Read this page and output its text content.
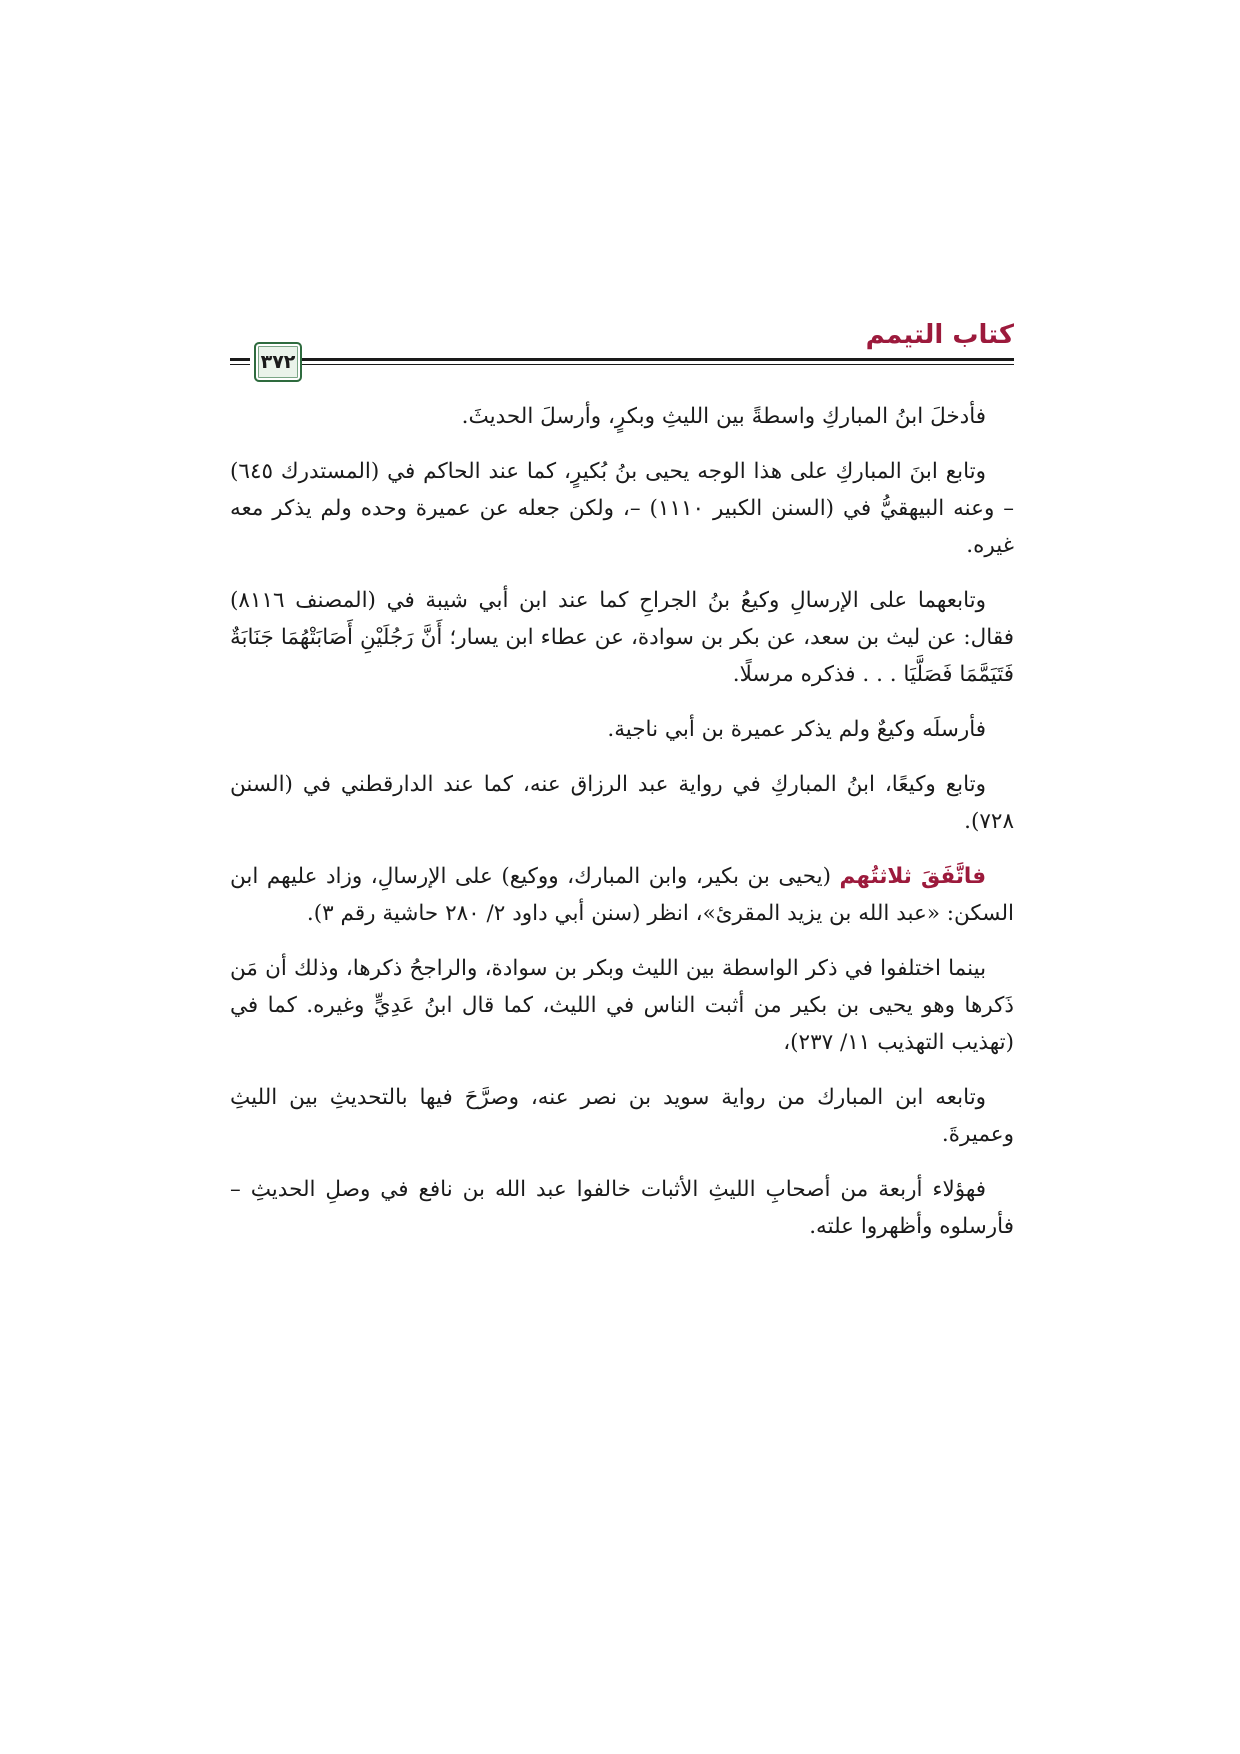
كتاب التيمم
٣٧٢

فأدخلَ ابنُ المباركِ واسطةً بين الليثِ وبكرٍ، وأرسلَ الحديثَ.

وتابع ابنَ المباركِ على هذا الوجه يحيى بنُ بُكيرٍ، كما عند الحاكم في (المستدرك ٦٤٥) – وعنه البيهقيُّ في (السنن الكبير ١١١٠) –، ولكن جعله عن عميرة وحده ولم يذكر معه غيره.

وتابعهما على الإرسالِ وكيعُ بنُ الجراحِ كما عند ابن أبي شيبة في (المصنف ٨١١٦) فقال: عن ليث بن سعد، عن بكر بن سوادة، عن عطاء ابن يسار؛ أَنَّ رَجُلَيْنِ أَصَابَتْهُمَا جَنَابَةٌ فَتَيَمَّمَا فَصَلَّيَا . . . فذكره مرسلًا.

فأرسلَه وكيعٌ ولم يذكر عميرة بن أبي ناجية.

وتابع وكيعًا، ابنُ المباركِ في رواية عبد الرزاق عنه، كما عند الدارقطني في (السنن ٧٢٨).

فاتَّفَقَ ثلاثتُهم (يحيى بن بكير، وابن المبارك، ووكيع) على الإرسالِ، وزاد عليهم ابن السكن: «عبد الله بن يزيد المقرئ»، انظر (سنن أبي داود ٢/ ٢٨٠ حاشية رقم ٣).

بينما اختلفوا في ذكر الواسطة بين الليث وبكر بن سوادة، والراجحُ ذكرها، وذلك أن مَن ذَكرها وهو يحيى بن بكير من أثبت الناس في الليث، كما قال ابنُ عَدِيٍّ وغيره. كما في (تهذيب التهذيب ١١/ ٢٣٧)،

وتابعه ابن المبارك من رواية سويد بن نصر عنه، وصرَّحَ فيها بالتحديثِ بين الليثِ وعميرةَ.

فهؤلاء أربعة من أصحابِ الليثِ الأثبات خالفوا عبد الله بن نافع في وصلِ الحديثِ – فأرسلوه وأظهروا علته.
